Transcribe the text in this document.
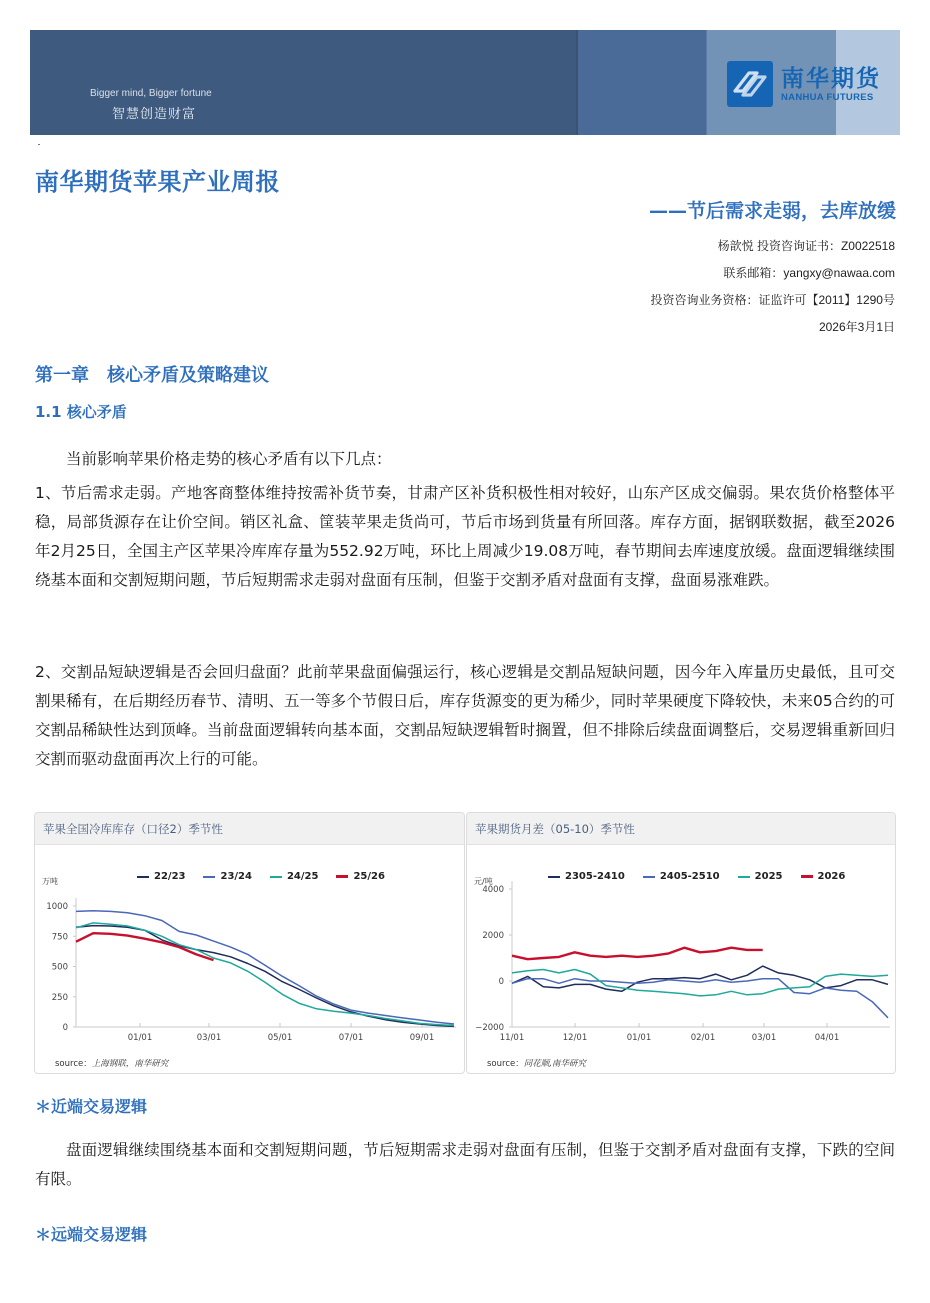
Bigger mind, Bigger fortune
智慧创造财富
南华期货
NANHUA FUTURES
南华期货苹果产业周报
——节后需求走弱，去库放缓
杨歆悦 投资咨询证书：Z0022518
联系邮箱：yangxy@nawaa.com
投资咨询业务资格：证监许可【2011】1290号
2026年3月1日
第一章　核心矛盾及策略建议
1.1 核心矛盾
当前影响苹果价格走势的核心矛盾有以下几点：
1、节后需求走弱。产地客商整体维持按需补货节奏，甘肃产区补货积极性相对较好，山东产区成交偏弱。果农货价格整体平稳，局部货源存在让价空间。销区礼盒、筐装苹果走货尚可，节后市场到货量有所回落。库存方面，据钢联数据，截至2026年2月25日，全国主产区苹果冷库库存量为552.92万吨，环比上周减少19.08万吨，春节期间去库速度放缓。盘面逻辑继续围绕基本面和交割短期问题，节后短期需求走弱对盘面有压制，但鉴于交割矛盾对盘面有支撑，盘面易涨难跌。
2、交割品短缺逻辑是否会回归盘面？此前苹果盘面偏强运行，核心逻辑是交割品短缺问题，因今年入库量历史最低，且可交割果稀有，在后期经历春节、清明、五一等多个节假日后，库存货源变的更为稀少，同时苹果硬度下降较快，未来05合约的可交割品稀缺性达到顶峰。当前盘面逻辑转向基本面，交割品短缺逻辑暂时搁置，但不排除后续盘面调整后，交易逻辑重新回归交割而驱动盘面再次上行的可能。
苹果全国冷库库存（口径2）季节性
22/23	23/24	24/25	25/26
万吨
0
250
500
750
1000
01/01	03/01	05/01	07/01	09/01
source：上海钢联，南华研究
苹果期货月差（05-10）季节性
2305-2410	2405-2510	2025	2026
元/吨
−2000
0
2000
4000
11/01	12/01	01/01	02/01	03/01	04/01
source：同花顺,南华研究
＊近端交易逻辑
盘面逻辑继续围绕基本面和交割短期问题，节后短期需求走弱对盘面有压制，但鉴于交割矛盾对盘面有支撑，下跌的空间有限。
＊远端交易逻辑
